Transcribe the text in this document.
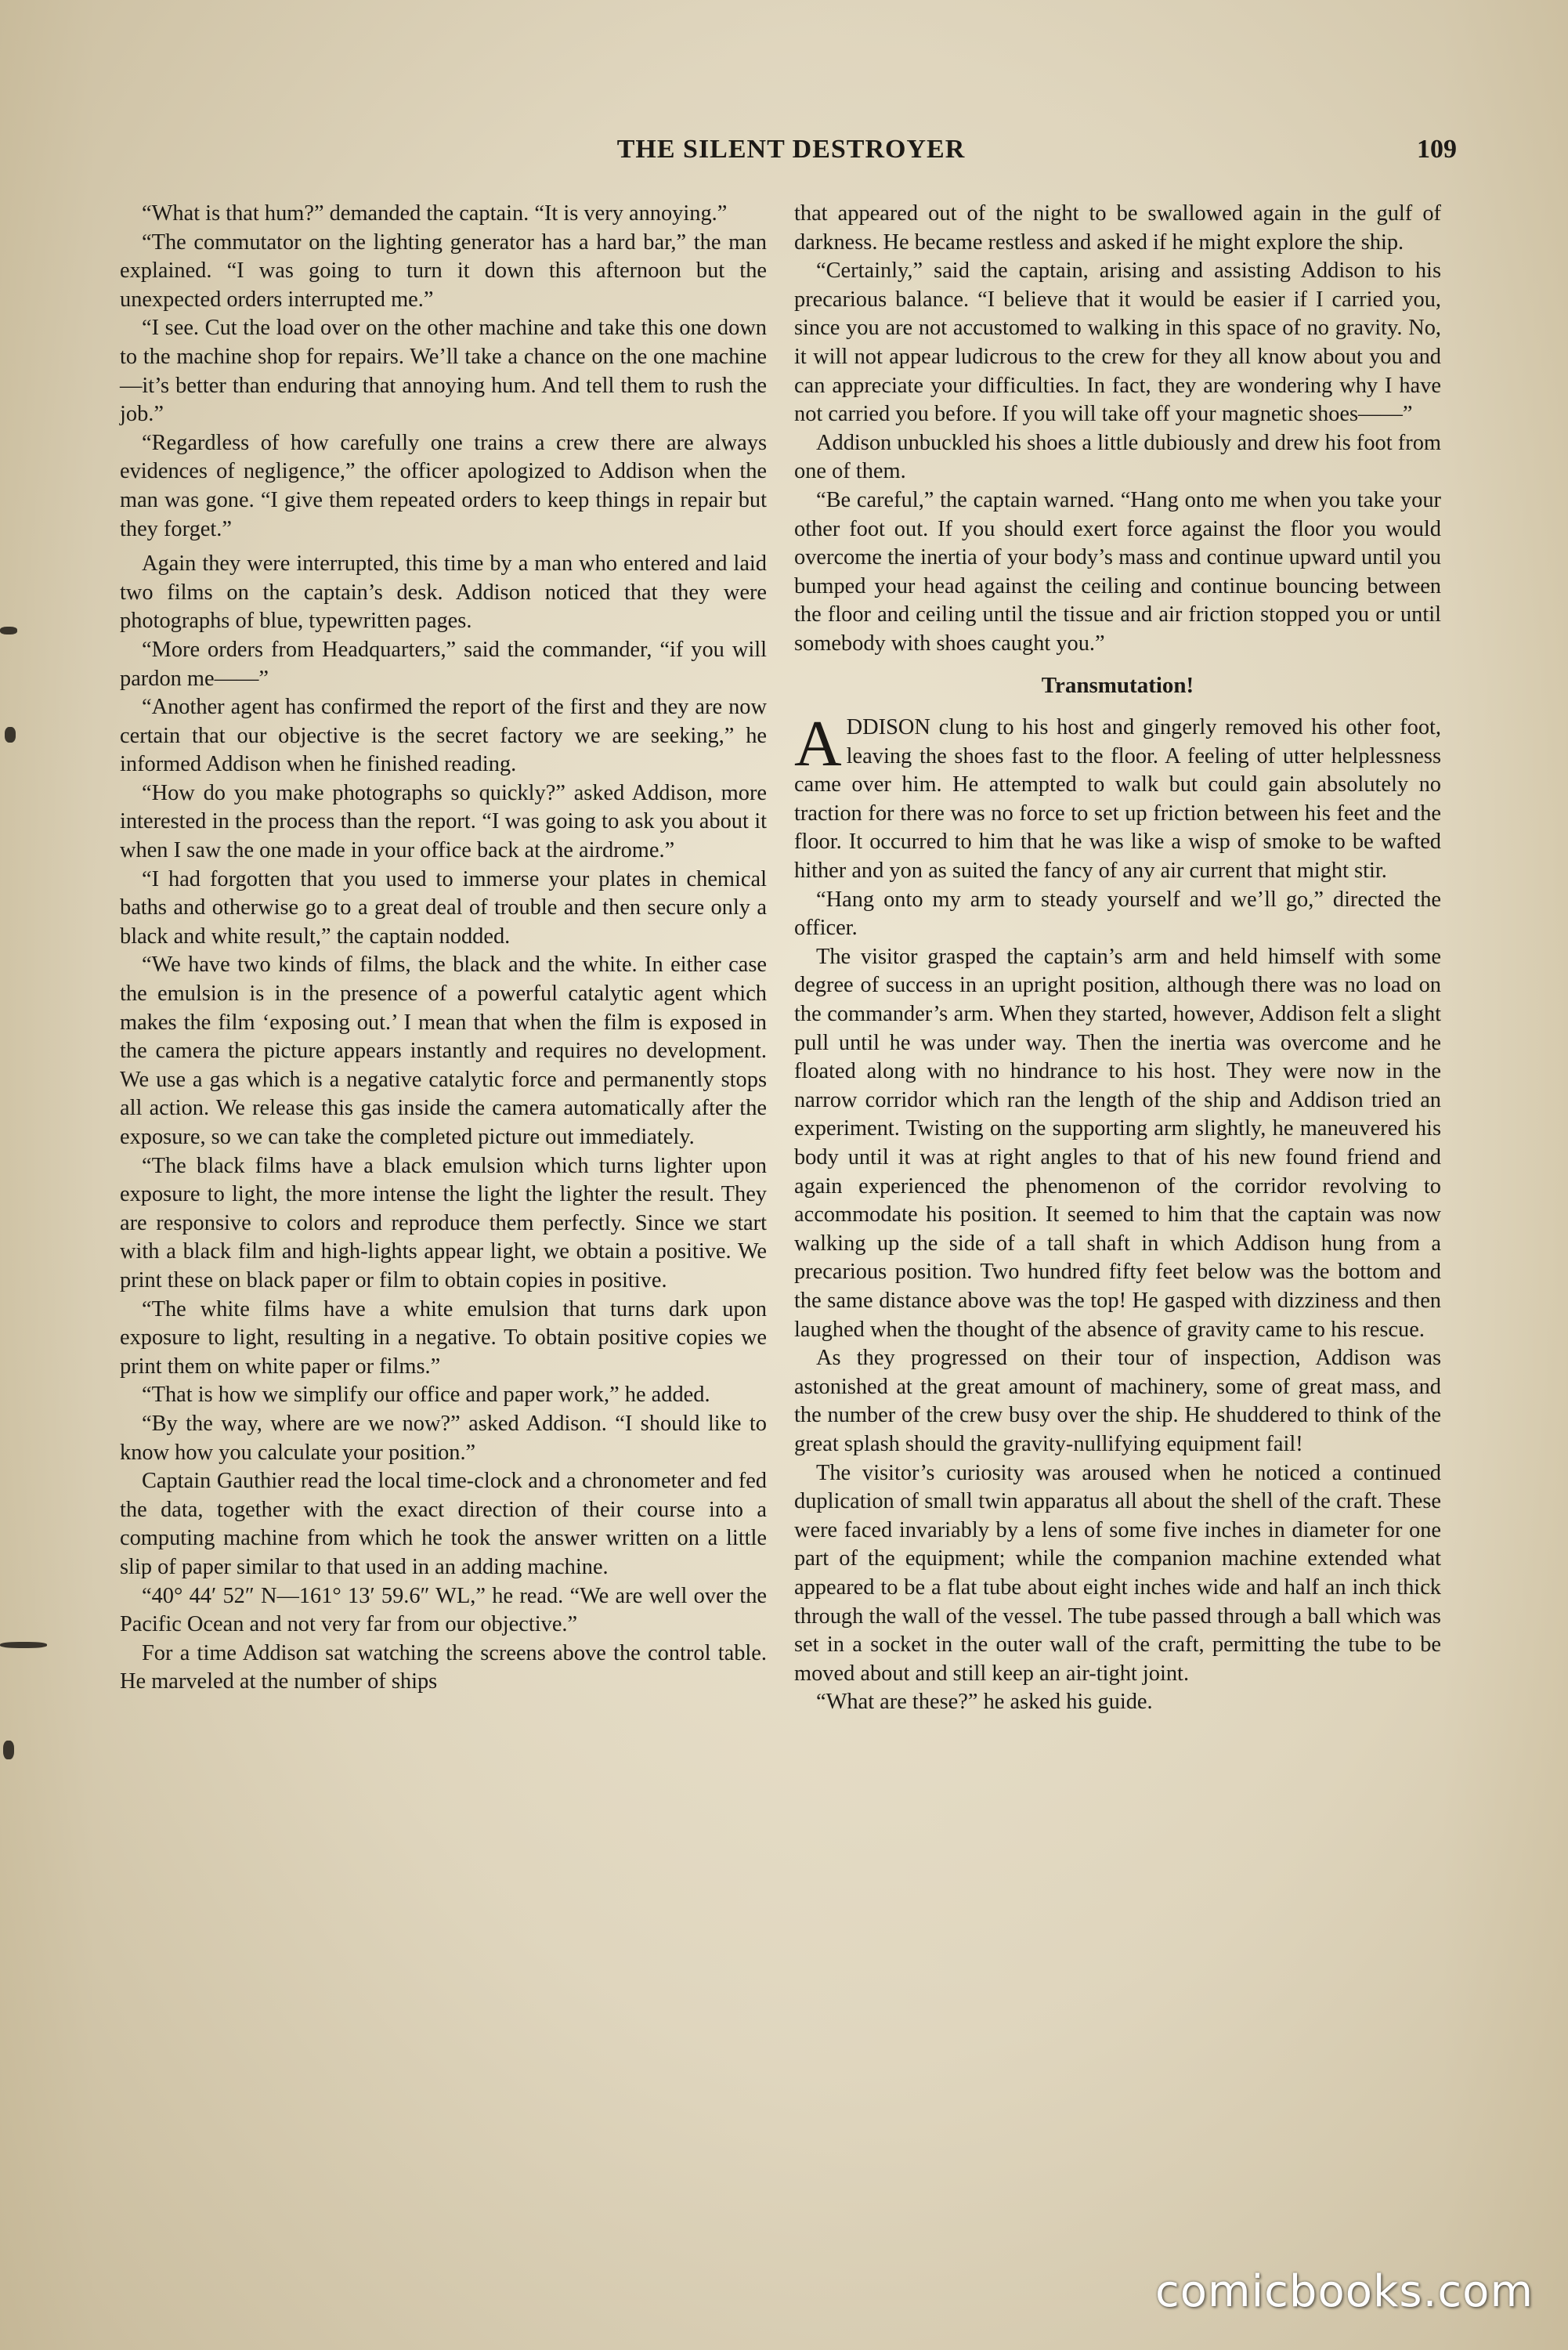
THE SILENT DESTROYER	109

“What is that hum?” demanded the captain. “It is very annoying.”

“The commutator on the lighting generator has a hard bar,” the man explained. “I was going to turn it down this afternoon but the unexpected orders interrupted me.”

“I see. Cut the load over on the other machine and take this one down to the machine shop for repairs. We’ll take a chance on the one machine—it’s better than enduring that annoying hum. And tell them to rush the job.”

“Regardless of how carefully one trains a crew there are always evidences of negligence,” the officer apologized to Addison when the man was gone. “I give them repeated orders to keep things in repair but they forget.”

Again they were interrupted, this time by a man who entered and laid two films on the captain’s desk. Addison noticed that they were photographs of blue, typewritten pages.

“More orders from Headquarters,” said the commander, “if you will pardon me——”

“Another agent has confirmed the report of the first and they are now certain that our objective is the secret factory we are seeking,” he informed Addison when he finished reading.

“How do you make photographs so quickly?” asked Addison, more interested in the process than the report. “I was going to ask you about it when I saw the one made in your office back at the airdrome.”

“I had forgotten that you used to immerse your plates in chemical baths and otherwise go to a great deal of trouble and then secure only a black and white result,” the captain nodded.

“We have two kinds of films, the black and the white. In either case the emulsion is in the presence of a powerful catalytic agent which makes the film ‘exposing out.’ I mean that when the film is exposed in the camera the picture appears instantly and requires no development. We use a gas which is a negative catalytic force and permanently stops all action. We release this gas inside the camera automatically after the exposure, so we can take the completed picture out immediately.

“The black films have a black emulsion which turns lighter upon exposure to light, the more intense the light the lighter the result. They are responsive to colors and reproduce them perfectly. Since we start with a black film and high-lights appear light, we obtain a positive. We print these on black paper or film to obtain copies in positive.

“The white films have a white emulsion that turns dark upon exposure to light, resulting in a negative. To obtain positive copies we print them on white paper or films.”

“That is how we simplify our office and paper work,” he added.

“By the way, where are we now?” asked Addison. “I should like to know how you calculate your position.”

Captain Gauthier read the local time-clock and a chronometer and fed the data, together with the exact direction of their course into a computing machine from which he took the answer written on a little slip of paper similar to that used in an adding machine.

“40° 44′ 52″ N—161° 13′ 59.6″ WL,” he read. “We are well over the Pacific Ocean and not very far from our objective.”

For a time Addison sat watching the screens above the control table. He marveled at the number of ships

that appeared out of the night to be swallowed again in the gulf of darkness. He became restless and asked if he might explore the ship.

“Certainly,” said the captain, arising and assisting Addison to his precarious balance. “I believe that it would be easier if I carried you, since you are not accustomed to walking in this space of no gravity. No, it will not appear ludicrous to the crew for they all know about you and can appreciate your difficulties. In fact, they are wondering why I have not carried you before. If you will take off your magnetic shoes——”

Addison unbuckled his shoes a little dubiously and drew his foot from one of them.

“Be careful,” the captain warned. “Hang onto me when you take your other foot out. If you should exert force against the floor you would overcome the inertia of your body’s mass and continue upward until you bumped your head against the ceiling and continue bouncing between the floor and ceiling until the tissue and air friction stopped you or until somebody with shoes caught you.”

Transmutation!

ADDISON clung to his host and gingerly removed his other foot, leaving the shoes fast to the floor. A feeling of utter helplessness came over him. He attempted to walk but could gain absolutely no traction for there was no force to set up friction between his feet and the floor. It occurred to him that he was like a wisp of smoke to be wafted hither and yon as suited the fancy of any air current that might stir.

“Hang onto my arm to steady yourself and we’ll go,” directed the officer.

The visitor grasped the captain’s arm and held himself with some degree of success in an upright position, although there was no load on the commander’s arm. When they started, however, Addison felt a slight pull until he was under way. Then the inertia was overcome and he floated along with no hindrance to his host. They were now in the narrow corridor which ran the length of the ship and Addison tried an experiment. Twisting on the supporting arm slightly, he maneuvered his body until it was at right angles to that of his new found friend and again experienced the phenomenon of the corridor revolving to accommodate his position. It seemed to him that the captain was now walking up the side of a tall shaft in which Addison hung from a precarious position. Two hundred fifty feet below was the bottom and the same distance above was the top! He gasped with dizziness and then laughed when the thought of the absence of gravity came to his rescue.

As they progressed on their tour of inspection, Addison was astonished at the great amount of machinery, some of great mass, and the number of the crew busy over the ship. He shuddered to think of the great splash should the gravity-nullifying equipment fail!

The visitor’s curiosity was aroused when he noticed a continued duplication of small twin apparatus all about the shell of the craft. These were faced invariably by a lens of some five inches in diameter for one part of the equipment; while the companion machine extended what appeared to be a flat tube about eight inches wide and half an inch thick through the wall of the vessel. The tube passed through a ball which was set in a socket in the outer wall of the craft, permitting the tube to be moved about and still keep an air-tight joint.

“What are these?” he asked his guide.

comicbooks.com
